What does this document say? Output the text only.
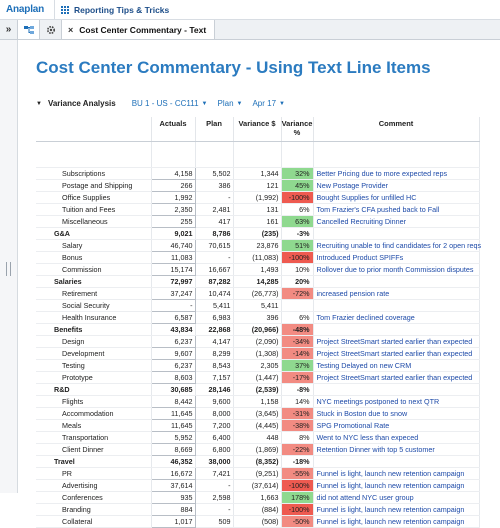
Anaplan	Reporting Tips & Tricks
»	× Cost Center Commentary - Text
Cost Center Commentary - Using Text Line Items
▼ Variance Analysis BU 1 - US - CC111 ▼ Plan ▼ Apr 17 ▼
	Actuals	Plan	Variance $	Variance %	Comment

Subscriptions	4,158	5,502	1,344	32%	Better Pricing due to more expected reps
Postage and Shipping	266	386	121	45%	New Postage Provider
Office Supplies	1,992	-	(1,992)	-100%	Bought Supplies for unfilled HC
Tuition and Fees	2,350	2,481	131	6%	Tom Frazier's CFA pushed back to Fall
Miscellaneous	255	417	161	63%	Cancelled Recruiting Dinner
G&A	9,021	8,786	(235)	-3%	
Salary	46,740	70,615	23,876	51%	Recruiting unable to find candidates for 2 open reqs
Bonus	11,083	-	(11,083)	-100%	Introduced Product SPIFFs
Commission	15,174	16,667	1,493	10%	Rollover due to prior month Commission disputes
Salaries	72,997	87,282	14,285	20%	
Retirement	37,247	10,474	(26,773)	-72%	increased pension rate
Social Security	-	5,411	5,411		
Health Insurance	6,587	6,983	396	6%	Tom Frazier declined coverage
Benefits	43,834	22,868	(20,966)	-48%	
Design	6,237	4,147	(2,090)	-34%	Project StreetSmart started earlier than expected
Development	9,607	8,299	(1,308)	-14%	Project StreetSmart started earlier than expected
Testing	6,237	8,543	2,305	37%	Testing Delayed on new CRM
Prototype	8,603	7,157	(1,447)	-17%	Project StreetSmart started earlier than expected
R&D	30,685	28,146	(2,539)	-8%	
Flights	8,442	9,600	1,158	14%	NYC meetings postponed to next QTR
Accommodation	11,645	8,000	(3,645)	-31%	Stuck in Boston due to snow
Meals	11,645	7,200	(4,445)	-38%	SPG Promotional Rate
Transportation	5,952	6,400	448	8%	Went to NYC less than expeced
Client Dinner	8,669	6,800	(1,869)	-22%	Retention Dinner with top 5 customer
Travel	46,352	38,000	(8,352)	-18%	
PR	16,672	7,421	(9,251)	-55%	Funnel is light, launch new retention campaign
Advertising	37,614	-	(37,614)	-100%	Funnel is light, launch new retention campaign
Conferences	935	2,598	1,663	178%	did not attend NYC user group
Branding	884	-	(884)	-100%	Funnel is light, launch new retention campaign
Collateral	1,017	509	(508)	-50%	Funnel is light, launch new retention campaign
